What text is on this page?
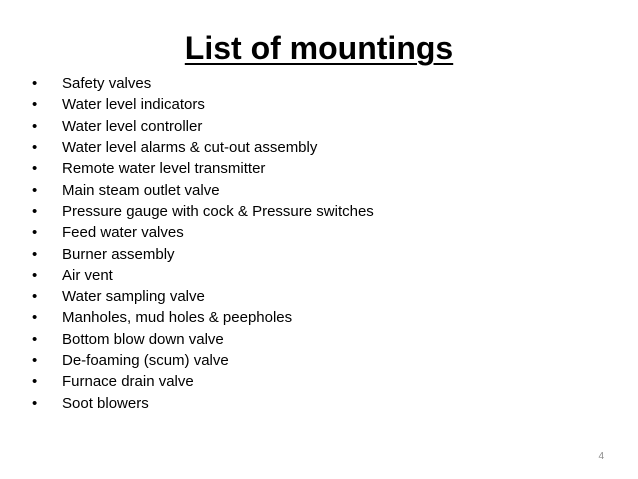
List of mountings
•	Safety valves
•	Water level indicators
•	Water level controller
•	Water level alarms & cut-out assembly
•	Remote water level transmitter
•	Main steam outlet valve
•	Pressure gauge with cock & Pressure switches
•	Feed water valves
•	Burner assembly
•	Air vent
•	Water sampling valve
•	Manholes, mud holes & peepholes
•	Bottom blow down valve
•	De-foaming (scum) valve
•	Furnace drain valve
•	Soot blowers
4
